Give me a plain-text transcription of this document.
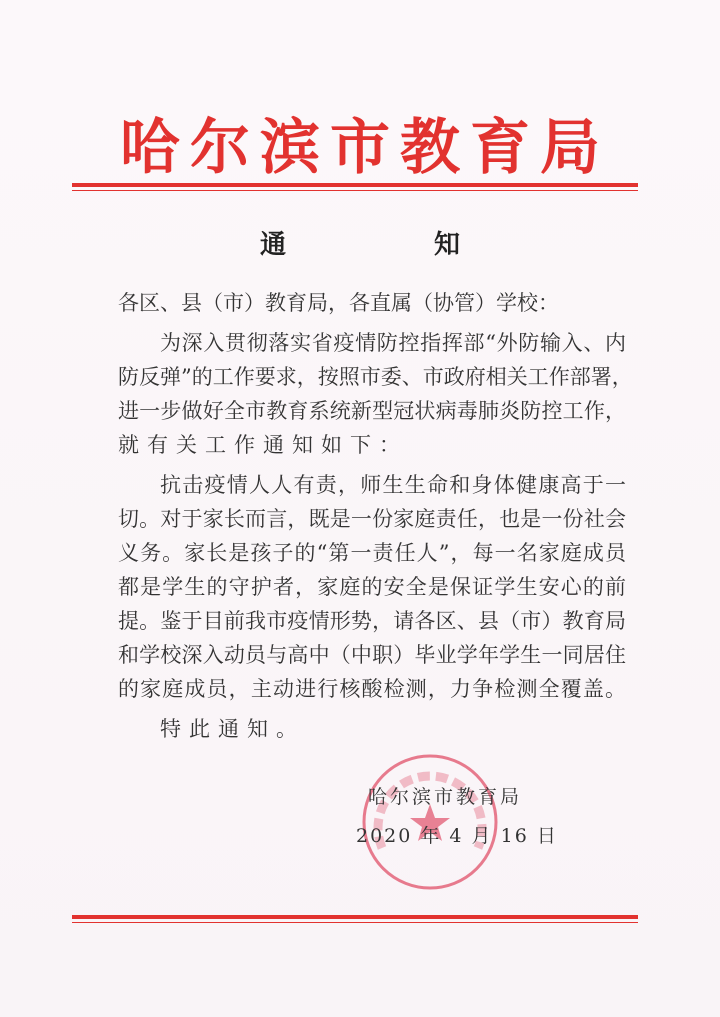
哈尔滨市教育局
通知
各区、县（市）教育局，各直属（协管）学校：
为深入贯彻落实省疫情防控指挥部“外防输入、内
防反弹”的工作要求，按照市委、市政府相关工作部署，
进一步做好全市教育系统新型冠状病毒肺炎防控工作，
就有关工作通知如下：
抗击疫情人人有责，师生生命和身体健康高于一
切。对于家长而言，既是一份家庭责任，也是一份社会
义务。家长是孩子的“第一责任人”，每一名家庭成员
都是学生的守护者，家庭的安全是保证学生安心的前
提。鉴于目前我市疫情形势，请各区、县（市）教育局
和学校深入动员与高中（中职）毕业学年学生一同居住
的家庭成员，主动进行核酸检测，力争检测全覆盖。
特此通知。
哈尔滨市教育局
2020 年 4 月 16 日
